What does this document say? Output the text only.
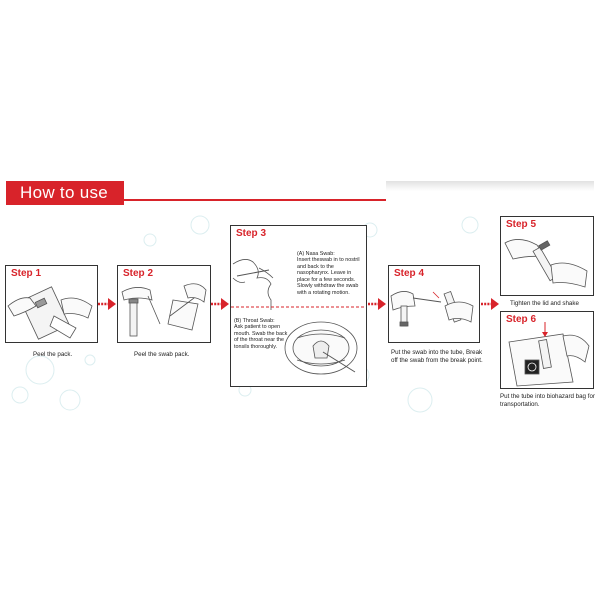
How to use
Step 1
Peel the pack.
Step 2
Peel the swab pack.
Step 3
(A) Nasa Swab:
Insert theswab in to nostril
and back to the
nasopharynx. Leave in
place for a few seconds.
Slowly withdraw the swab
with a rotating motion.
(B) Throat Swab:
Ask patient to open
mouth. Swab the back
of the throat near the
tonsils thoroughly.
Step 4
Put the swab into the tube, Break
off the swab from the break point.
Step 5
Tighten the lid and shake
Step 6
Put the tube into biohazard bag for
transportation.
